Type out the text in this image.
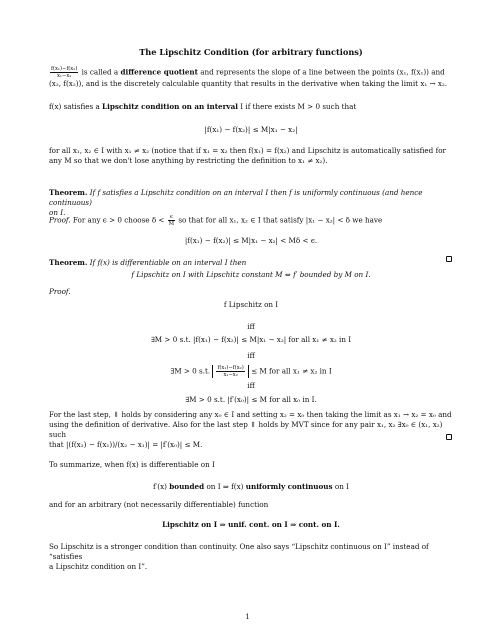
The Lipschitz Condition (for arbitrary functions)
$\frac{\text{f(x₁)−f(x₂)}}{\text{x₁−x₂}}$ is called a difference quotient and represents the slope of a line between the points (x₁, f(x₁)) and
(x₂, f(x₂)), and is the discretely calculable quantity that results in the derivative when taking the limit x₁ → x₂.
f(x) satisfies a Lipschitz condition on an interval I if there exists M > 0 such that
|f(x₁) − f(x₂)| ≤ M|x₁ − x₂|
for all x₁, x₂ ∈ I with x₁ ≠ x₂ (notice that if x₁ = x₂ then f(x₁) = f(x₂) and Lipschitz is automatically satisfied for
any M so that we don't lose anything by restricting the definition to x₁ ≠ x₂).
Theorem. If f satisfies a Lipschitz condition on an interval I then f is uniformly continuous (and hence continuous)
on I.
Proof. For any ϵ > 0 choose $\delta < \frac{\epsilon}{M}$ so that for all x₁, x₂ ∈ I that satisfy |x₁ − x₂| < δ we have
|f(x₁) − f(x₂)| ≤ M|x₁ − x₂| < Mδ < ϵ.
Theorem. If f(x) is differentiable on an interval I then
f Lipschitz on I with Lipschitz constant M ⇔ f′ bounded by M on I.
Proof.
f Lipschitz on I
iff
∃M > 0 s.t. |f(x₁) − f(x₂)| ≤ M|x₁ − x₂| for all x₁ ≠ x₂ in I
iff
∃M > 0 s.t. $\frac{\text{f(x₁)−f(x₂)}}{\text{x₁−x₂}} \le M$ for all x₁ ≠ x₂ in I
iff
∃M > 0 s.t. |f′(x₀)| ≤ M for all x₀ in I.
For the last step, ⇓ holds by considering any x₀ ∈ I and setting x₂ = x₀ then taking the limit as x₁ → x₂ = x₀ and
using the definition of derivative. Also for the last step ⇑ holds by MVT since for any pair x₁, x₂ ∃x₀ ∈ (x₁, x₂) such
that |(f(x₂) − f(x₁))/(x₂ − x₁)| = |f′(x₀)| ≤ M.
To summarize, when f(x) is differentiable on I
f′(x) bounded on I ⇒ f(x) uniformly continuous on I
and for an arbitrary (not necessarily differentiable) function
Lipschitz on I ⇒ unif. cont. on I ⇒ cont. on I.
So Lipschitz is a stronger condition than continuity. One also says “Lipschitz continuous on I” instead of “satisfies
a Lipschitz condition on I”.
1
